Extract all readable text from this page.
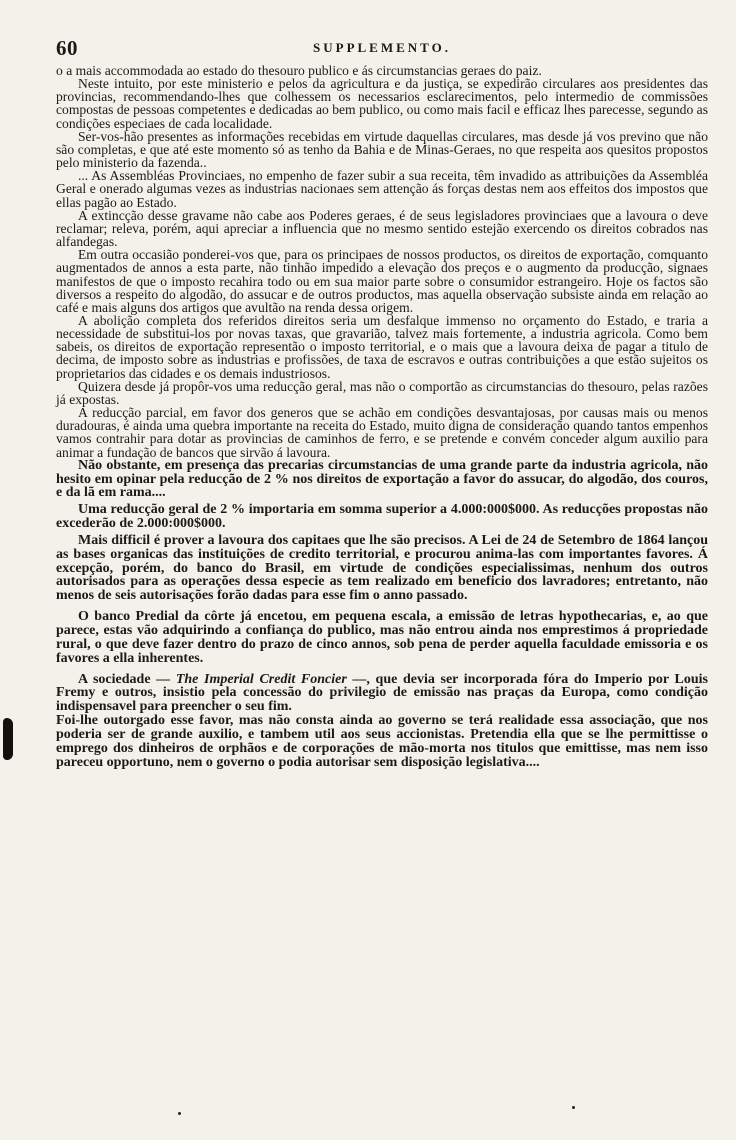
60	SUPPLEMENTO.

o a mais accommodada ao estado do thesouro publico e ás circumstancias geraes do paiz.

Neste intuito, por este ministerio e pelos da agricultura e da justiça, se expedirão circulares aos presidentes das provincias, recommendando-lhes que colhessem os necessarios esclarecimentos, pelo intermedio de commissões compostas de pessoas competentes e dedicadas ao bem publico, ou como mais facil e efficaz lhes parecesse, segundo as condições especiaes de cada localidade.

Ser-vos-hão presentes as informações recebidas em virtude daquellas circulares, mas desde já vos previno que não são completas, e que até este momento só as tenho da Bahia e de Minas-Geraes, no que respeita aos quesitos propostos pelo ministerio da fazenda..

... As Assembléas Provinciaes, no empenho de fazer subir a sua receita, têm invadido as attribuições da Assembléa Geral e onerado algumas vezes as industrias nacionaes sem attenção ás forças destas nem aos effeitos dos impostos que ellas pagão ao Estado.

A extincção desse gravame não cabe aos Poderes geraes, é de seus legisladores provinciaes que a lavoura o deve reclamar; releva, porém, aqui apreciar a influencia que no mesmo sentido estejão exercendo os direitos cobrados nas alfandegas.

Em outra occasião ponderei-vos que, para os principaes de nossos productos, os direitos de exportação, comquanto augmentados de annos a esta parte, não tinhão impedido a elevação dos preços e o augmento da producção, signaes manifestos de que o imposto recahira todo ou em sua maior parte sobre o consumidor estrangeiro. Hoje os factos são diversos a respeito do algodão, do assucar e de outros productos, mas aquella observação subsiste ainda em relação ao café e mais alguns dos artigos que avultão na renda dessa origem.

A abolição completa dos referidos direitos seria um desfalque immenso no orçamento do Estado, e traria a necessidade de substitui-los por novas taxas, que gravarião, talvez mais fortemente, a industria agricola. Como bem sabeis, os direitos de exportação representão o imposto territorial, e o mais que a lavoura deixa de pagar a titulo de decima, de imposto sobre as industrias e profissões, de taxa de escravos e outras contribuições a que estão sujeitos os proprietarios das cidades e os demais industriosos.

Quizera desde já propôr-vos uma reducção geral, mas não o comportão as circumstancias do thesouro, pelas razões já expostas.

A reducção parcial, em favor dos generos que se achão em condições desvantajosas, por causas mais ou menos duradouras, é ainda uma quebra importante na receita do Estado, muito digna de consideração quando tantos empenhos vamos contrahir para dotar as provincias de caminhos de ferro, e se pretende e convém conceder algum auxilio para animar a fundação de bancos que sirvão á lavoura.

Não obstante, em presença das precarias circumstancias de uma grande parte da industria agricola, não hesito em opinar pela reducção de 2 % nos direitos de exportação a favor do assucar, do algodão, dos couros, e da lã em rama....

Uma reducção geral de 2 % importaria em somma superior a 4.000:000$000. As reducções propostas não excederão de 2.000:000$000.

Mais difficil é prover a lavoura dos capitaes que lhe são precisos. A Lei de 24 de Setembro de 1864 lançou as bases organicas das instituições de credito territorial, e procurou anima-las com importantes favores. Á excepção, porém, do banco do Brasil, em virtude de condições especialissimas, nenhum dos outros autorisados para as operações dessa especie as tem realizado em beneficio dos lavradores; entretanto, não menos de seis autorisações forão dadas para esse fim o anno passado.

O banco Predial da côrte já encetou, em pequena escala, a emissão de letras hypothecarias, e, ao que parece, estas vão adquirindo a confiança do publico, mas não entrou ainda nos emprestimos á propriedade rural, o que deve fazer dentro do prazo de cinco annos, sob pena de perder aquella faculdade emissoria e os favores a ella inherentes.

A sociedade — The Imperial Credit Foncier —, que devia ser incorporada fóra do Imperio por Louis Fremy e outros, insistio pela concessão do privilegio de emissão nas praças da Europa, como condição indispensavel para preencher o seu fim.

Foi-lhe outorgado esse favor, mas não consta ainda ao governo se terá realidade essa associação, que nos poderia ser de grande auxilio, e tambem util aos seus accionistas. Pretendia ella que se lhe permittisse o emprego dos dinheiros de orphãos e de corporações de mão-morta nos titulos que emittisse, mas nem isso pareceu opportuno, nem o governo o podia autorisar sem disposição legislativa....
